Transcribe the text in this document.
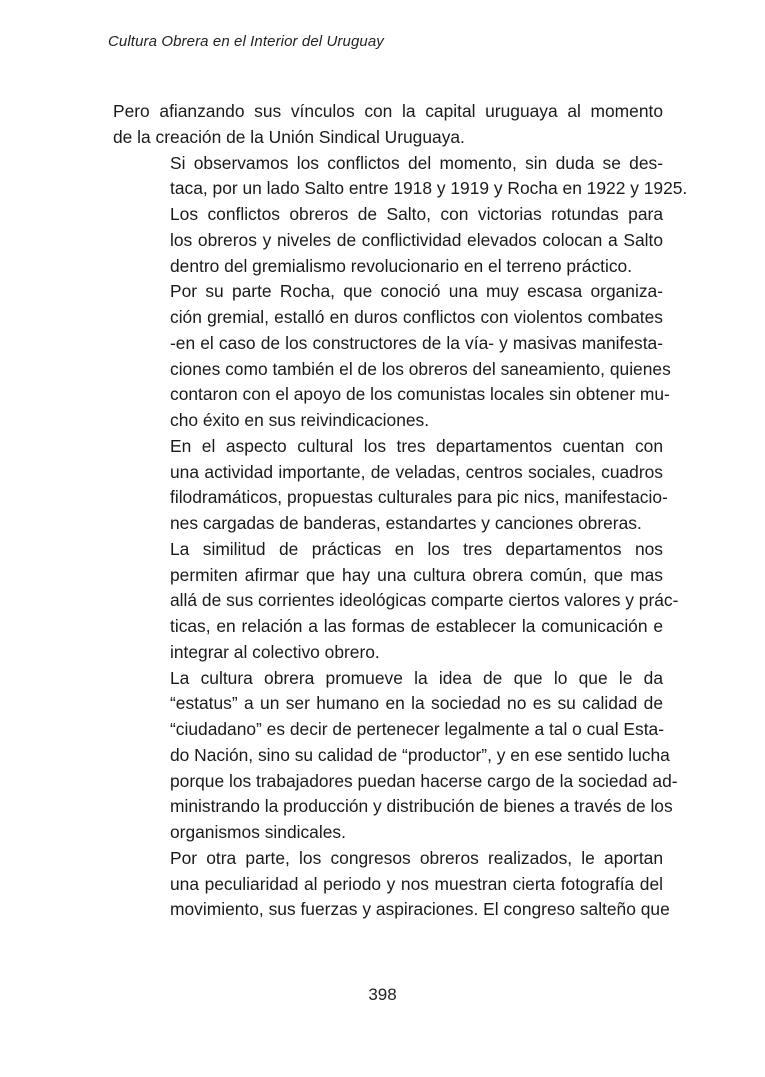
Cultura Obrera en el Interior del Uruguay

Pero afianzando sus vínculos con la capital uruguaya al momento
de la creación de la Unión Sindical Uruguaya.

Si observamos los conflictos del momento, sin duda se des-
taca, por un lado Salto entre 1918 y 1919 y Rocha en 1922 y 1925.

Los conflictos obreros de Salto, con victorias rotundas para
los obreros y niveles de conflictividad elevados colocan a Salto
dentro del gremialismo revolucionario en el terreno práctico.

Por su parte Rocha, que conoció una muy escasa organiza-
ción gremial, estalló en duros conflictos con violentos combates
-en el caso de los constructores de la vía- y masivas manifesta-
ciones como también el de los obreros del saneamiento, quienes
contaron con el apoyo de los comunistas locales sin obtener mu-
cho éxito en sus reivindicaciones.

En el aspecto cultural los tres departamentos cuentan con
una actividad importante, de veladas, centros sociales, cuadros
filodramáticos, propuestas culturales para pic nics, manifestacio-
nes cargadas de banderas, estandartes y canciones obreras.

La similitud de prácticas en los tres departamentos nos
permiten afirmar que hay una cultura obrera común, que mas
allá de sus corrientes ideológicas comparte ciertos valores y prác-
ticas, en relación a las formas de establecer la comunicación e
integrar al colectivo obrero.

La cultura obrera promueve la idea de que lo que le da
“estatus” a un ser humano en la sociedad no es su calidad de
“ciudadano” es decir de pertenecer legalmente a tal o cual Esta-
do Nación, sino su calidad de “productor”, y en ese sentido lucha
porque los trabajadores puedan hacerse cargo de la sociedad ad-
ministrando la producción y distribución de bienes a través de los
organismos sindicales.

Por otra parte, los congresos obreros realizados, le aportan
una peculiaridad al periodo y nos muestran cierta fotografía del
movimiento, sus fuerzas y aspiraciones. El congreso salteño que

398
